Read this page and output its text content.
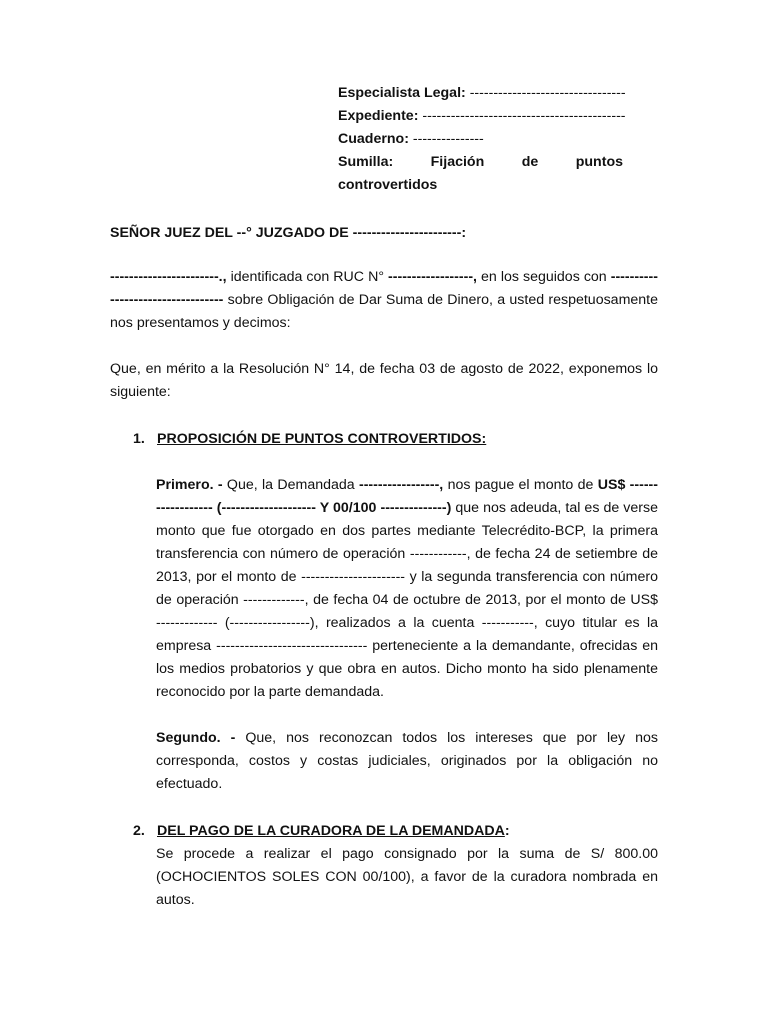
Especialista Legal: ---------------------------------
Expediente: -------------------------------------------
Cuaderno: ---------------
Sumilla:	Fijación	de	puntos
controvertidos
SEÑOR JUEZ DEL --° JUZGADO DE -----------------------:

-----------------------., identificada con RUC N° ------------------, en los seguidos con ---------------------------------- sobre Obligación de Dar Suma de Dinero, a usted respetuosamente nos presentamos y decimos:

Que, en mérito a la Resolución N° 14, de fecha 03 de agosto de 2022, exponemos lo siguiente:

1. PROPOSICIÓN DE PUNTOS CONTROVERTIDOS:

Primero. - Que, la Demandada -----------------, nos pague el monto de US$ ------------------ (-------------------- Y 00/100 --------------) que nos adeuda, tal es de verse monto que fue otorgado en dos partes mediante Telecrédito-BCP, la primera transferencia con número de operación ------------, de fecha 24 de setiembre de 2013, por el monto de ---------------------- y la segunda transferencia con número de operación -------------, de fecha 04 de octubre de 2013, por el monto de US$ ------------- (-----------------), realizados a la cuenta -----------, cuyo titular es la empresa -------------------------------- perteneciente a la demandante, ofrecidas en los medios probatorios y que obra en autos. Dicho monto ha sido plenamente reconocido por la parte demandada.

Segundo. - Que, nos reconozcan todos los intereses que por ley nos corresponda, costos y costas judiciales, originados por la obligación no efectuado.

2. DEL PAGO DE LA CURADORA DE LA DEMANDADA:

Se procede a realizar el pago consignado por la suma de S/ 800.00 (OCHOCIENTOS SOLES CON 00/100), a favor de la curadora nombrada en autos.
